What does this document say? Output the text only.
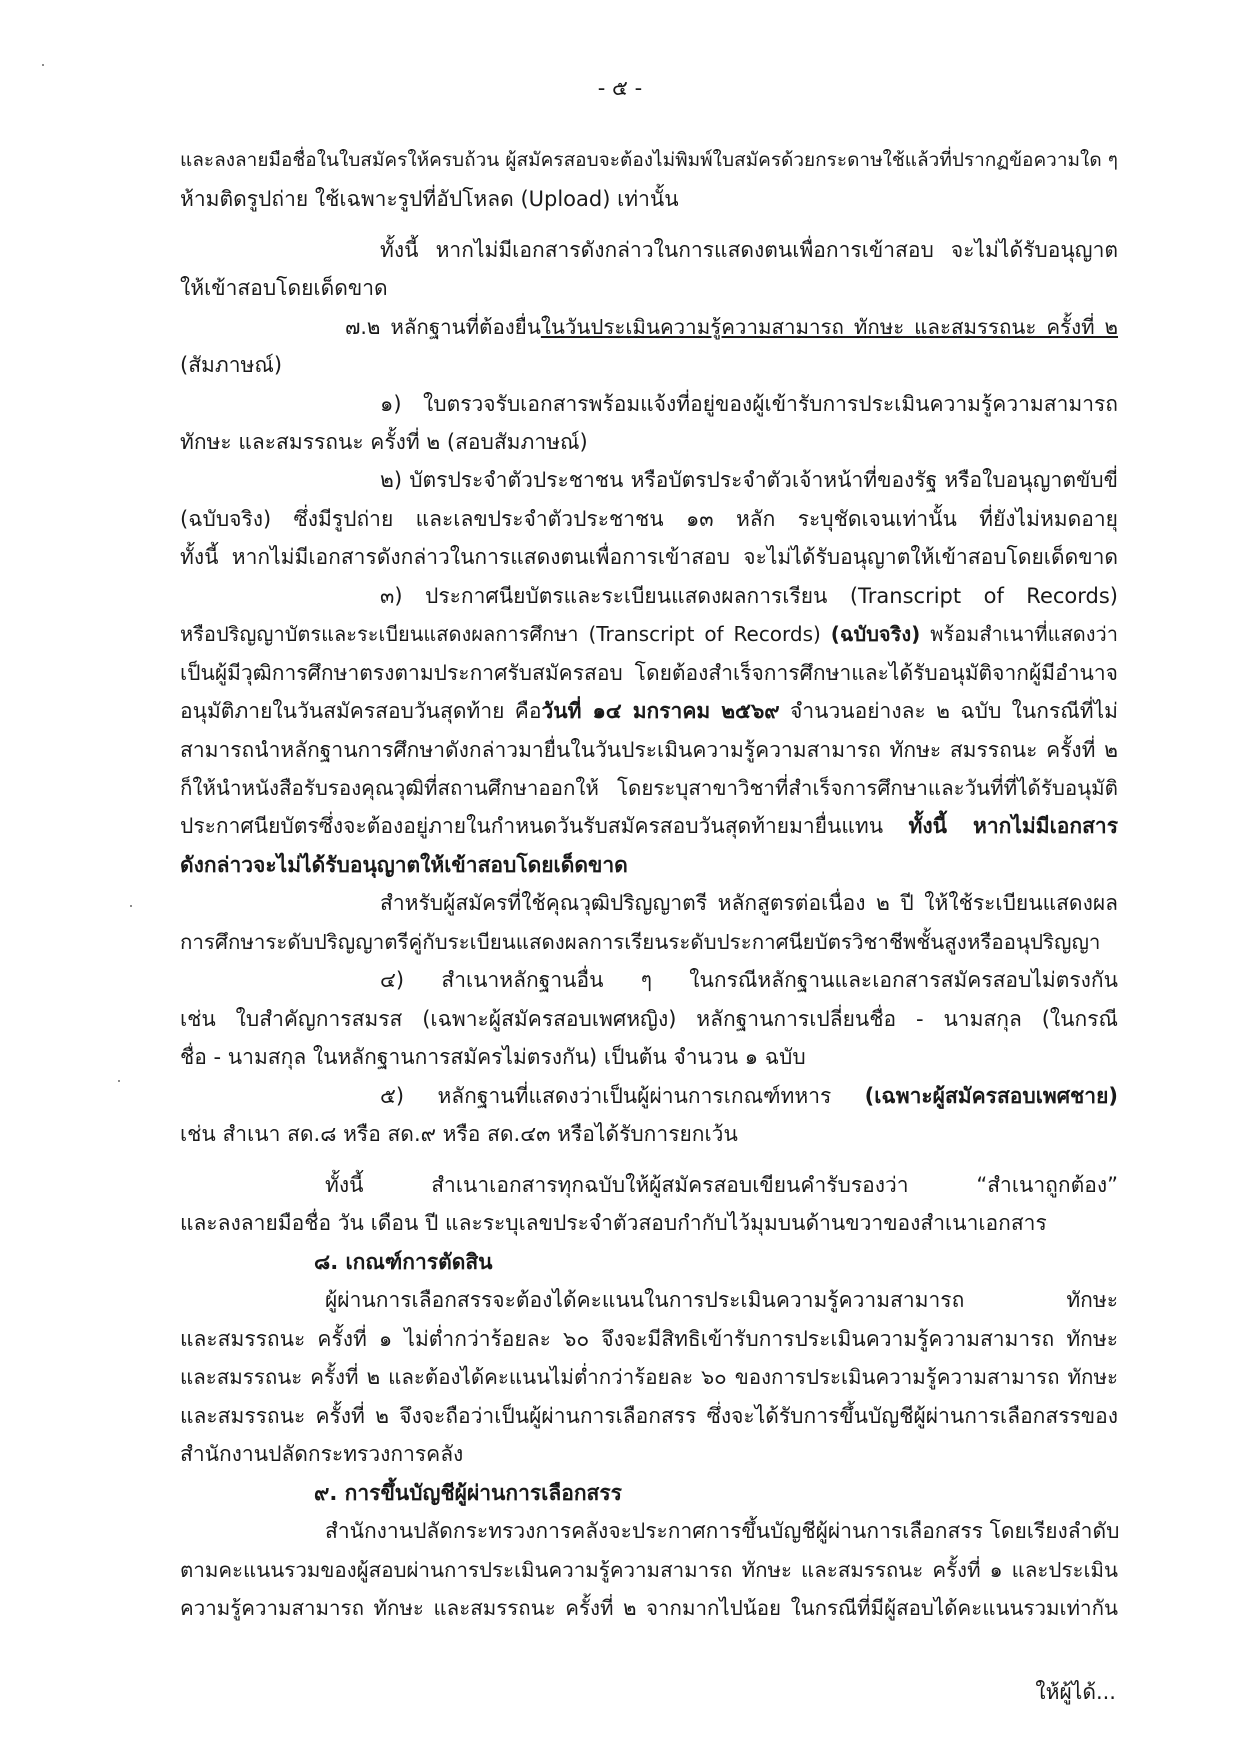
- ๕ -
และลงลายมือชื่อในใบสมัครให้ครบถ้วน ผู้สมัครสอบจะต้องไม่พิมพ์ใบสมัครด้วยกระดาษใช้แล้วที่ปรากฏข้อความใด ๆ
ห้ามติดรูปถ่าย ใช้เฉพาะรูปที่อัปโหลด (Upload) เท่านั้น
ทั้งนี้ หากไม่มีเอกสารดังกล่าวในการแสดงตนเพื่อการเข้าสอบ จะไม่ได้รับอนุญาต
ให้เข้าสอบโดยเด็ดขาด
๗.๒ หลักฐานที่ต้องยื่นในวันประเมินความรู้ความสามารถ ทักษะ และสมรรถนะ ครั้งที่ ๒
(สัมภาษณ์)
๑) ใบตรวจรับเอกสารพร้อมแจ้งที่อยู่ของผู้เข้ารับการประเมินความรู้ความสามารถ
ทักษะ และสมรรถนะ ครั้งที่ ๒ (สอบสัมภาษณ์)
๒) บัตรประจำตัวประชาชน หรือบัตรประจำตัวเจ้าหน้าที่ของรัฐ หรือใบอนุญาตขับขี่
(ฉบับจริง) ซึ่งมีรูปถ่าย และเลขประจำตัวประชาชน ๑๓ หลัก ระบุชัดเจนเท่านั้น ที่ยังไม่หมดอายุ
ทั้งนี้ หากไม่มีเอกสารดังกล่าวในการแสดงตนเพื่อการเข้าสอบ จะไม่ได้รับอนุญาตให้เข้าสอบโดยเด็ดขาด
๓) ประกาศนียบัตรและระเบียนแสดงผลการเรียน (Transcript of Records)
หรือปริญญาบัตรและระเบียนแสดงผลการศึกษา (Transcript of Records) (ฉบับจริง) พร้อมสำเนาที่แสดงว่า
เป็นผู้มีวุฒิการศึกษาตรงตามประกาศรับสมัครสอบ โดยต้องสำเร็จการศึกษาและได้รับอนุมัติจากผู้มีอำนาจ
อนุมัติภายในวันสมัครสอบวันสุดท้าย คือวันที่ ๑๔ มกราคม ๒๕๖๙ จำนวนอย่างละ ๒ ฉบับ ในกรณีที่ไม่
สามารถนำหลักฐานการศึกษาดังกล่าวมายื่นในวันประเมินความรู้ความสามารถ ทักษะ สมรรถนะ ครั้งที่ ๒
ก็ให้นำหนังสือรับรองคุณวุฒิที่สถานศึกษาออกให้ โดยระบุสาขาวิชาที่สำเร็จการศึกษาและวันที่ที่ได้รับอนุมัติ
ประกาศนียบัตรซึ่งจะต้องอยู่ภายในกำหนดวันรับสมัครสอบวันสุดท้ายมายื่นแทน ทั้งนี้ หากไม่มีเอกสาร
ดังกล่าวจะไม่ได้รับอนุญาตให้เข้าสอบโดยเด็ดขาด
สำหรับผู้สมัครที่ใช้คุณวุฒิปริญญาตรี หลักสูตรต่อเนื่อง ๒ ปี ให้ใช้ระเบียนแสดงผล
การศึกษาระดับปริญญาตรีคู่กับระเบียนแสดงผลการเรียนระดับประกาศนียบัตรวิชาชีพชั้นสูงหรืออนุปริญญา
๔) สำเนาหลักฐานอื่น ๆ ในกรณีหลักฐานและเอกสารสมัครสอบไม่ตรงกัน
เช่น ใบสำคัญการสมรส (เฉพาะผู้สมัครสอบเพศหญิง) หลักฐานการเปลี่ยนชื่อ - นามสกุล (ในกรณี
ชื่อ - นามสกุล ในหลักฐานการสมัครไม่ตรงกัน) เป็นต้น จำนวน ๑ ฉบับ
๕) หลักฐานที่แสดงว่าเป็นผู้ผ่านการเกณฑ์ทหาร (เฉพาะผู้สมัครสอบเพศชาย)
เช่น สำเนา สด.๘ หรือ สด.๙ หรือ สด.๔๓ หรือได้รับการยกเว้น
ทั้งนี้ สำเนาเอกสารทุกฉบับให้ผู้สมัครสอบเขียนคำรับรองว่า “สำเนาถูกต้อง”
และลงลายมือชื่อ วัน เดือน ปี และระบุเลขประจำตัวสอบกำกับไว้มุมบนด้านขวาของสำเนาเอกสาร
๘. เกณฑ์การตัดสิน
ผู้ผ่านการเลือกสรรจะต้องได้คะแนนในการประเมินความรู้ความสามารถ ทักษะ
และสมรรถนะ ครั้งที่ ๑ ไม่ต่ำกว่าร้อยละ ๖๐ จึงจะมีสิทธิเข้ารับการประเมินความรู้ความสามารถ ทักษะ
และสมรรถนะ ครั้งที่ ๒ และต้องได้คะแนนไม่ต่ำกว่าร้อยละ ๖๐ ของการประเมินความรู้ความสามารถ ทักษะ
และสมรรถนะ ครั้งที่ ๒ จึงจะถือว่าเป็นผู้ผ่านการเลือกสรร ซึ่งจะได้รับการขึ้นบัญชีผู้ผ่านการเลือกสรรของ
สำนักงานปลัดกระทรวงการคลัง
๙. การขึ้นบัญชีผู้ผ่านการเลือกสรร
สำนักงานปลัดกระทรวงการคลังจะประกาศการขึ้นบัญชีผู้ผ่านการเลือกสรร โดยเรียงลำดับ
ตามคะแนนรวมของผู้สอบผ่านการประเมินความรู้ความสามารถ ทักษะ และสมรรถนะ ครั้งที่ ๑ และประเมิน
ความรู้ความสามารถ ทักษะ และสมรรถนะ ครั้งที่ ๒ จากมากไปน้อย ในกรณีที่มีผู้สอบได้คะแนนรวมเท่ากัน
ให้ผู้ได้...
